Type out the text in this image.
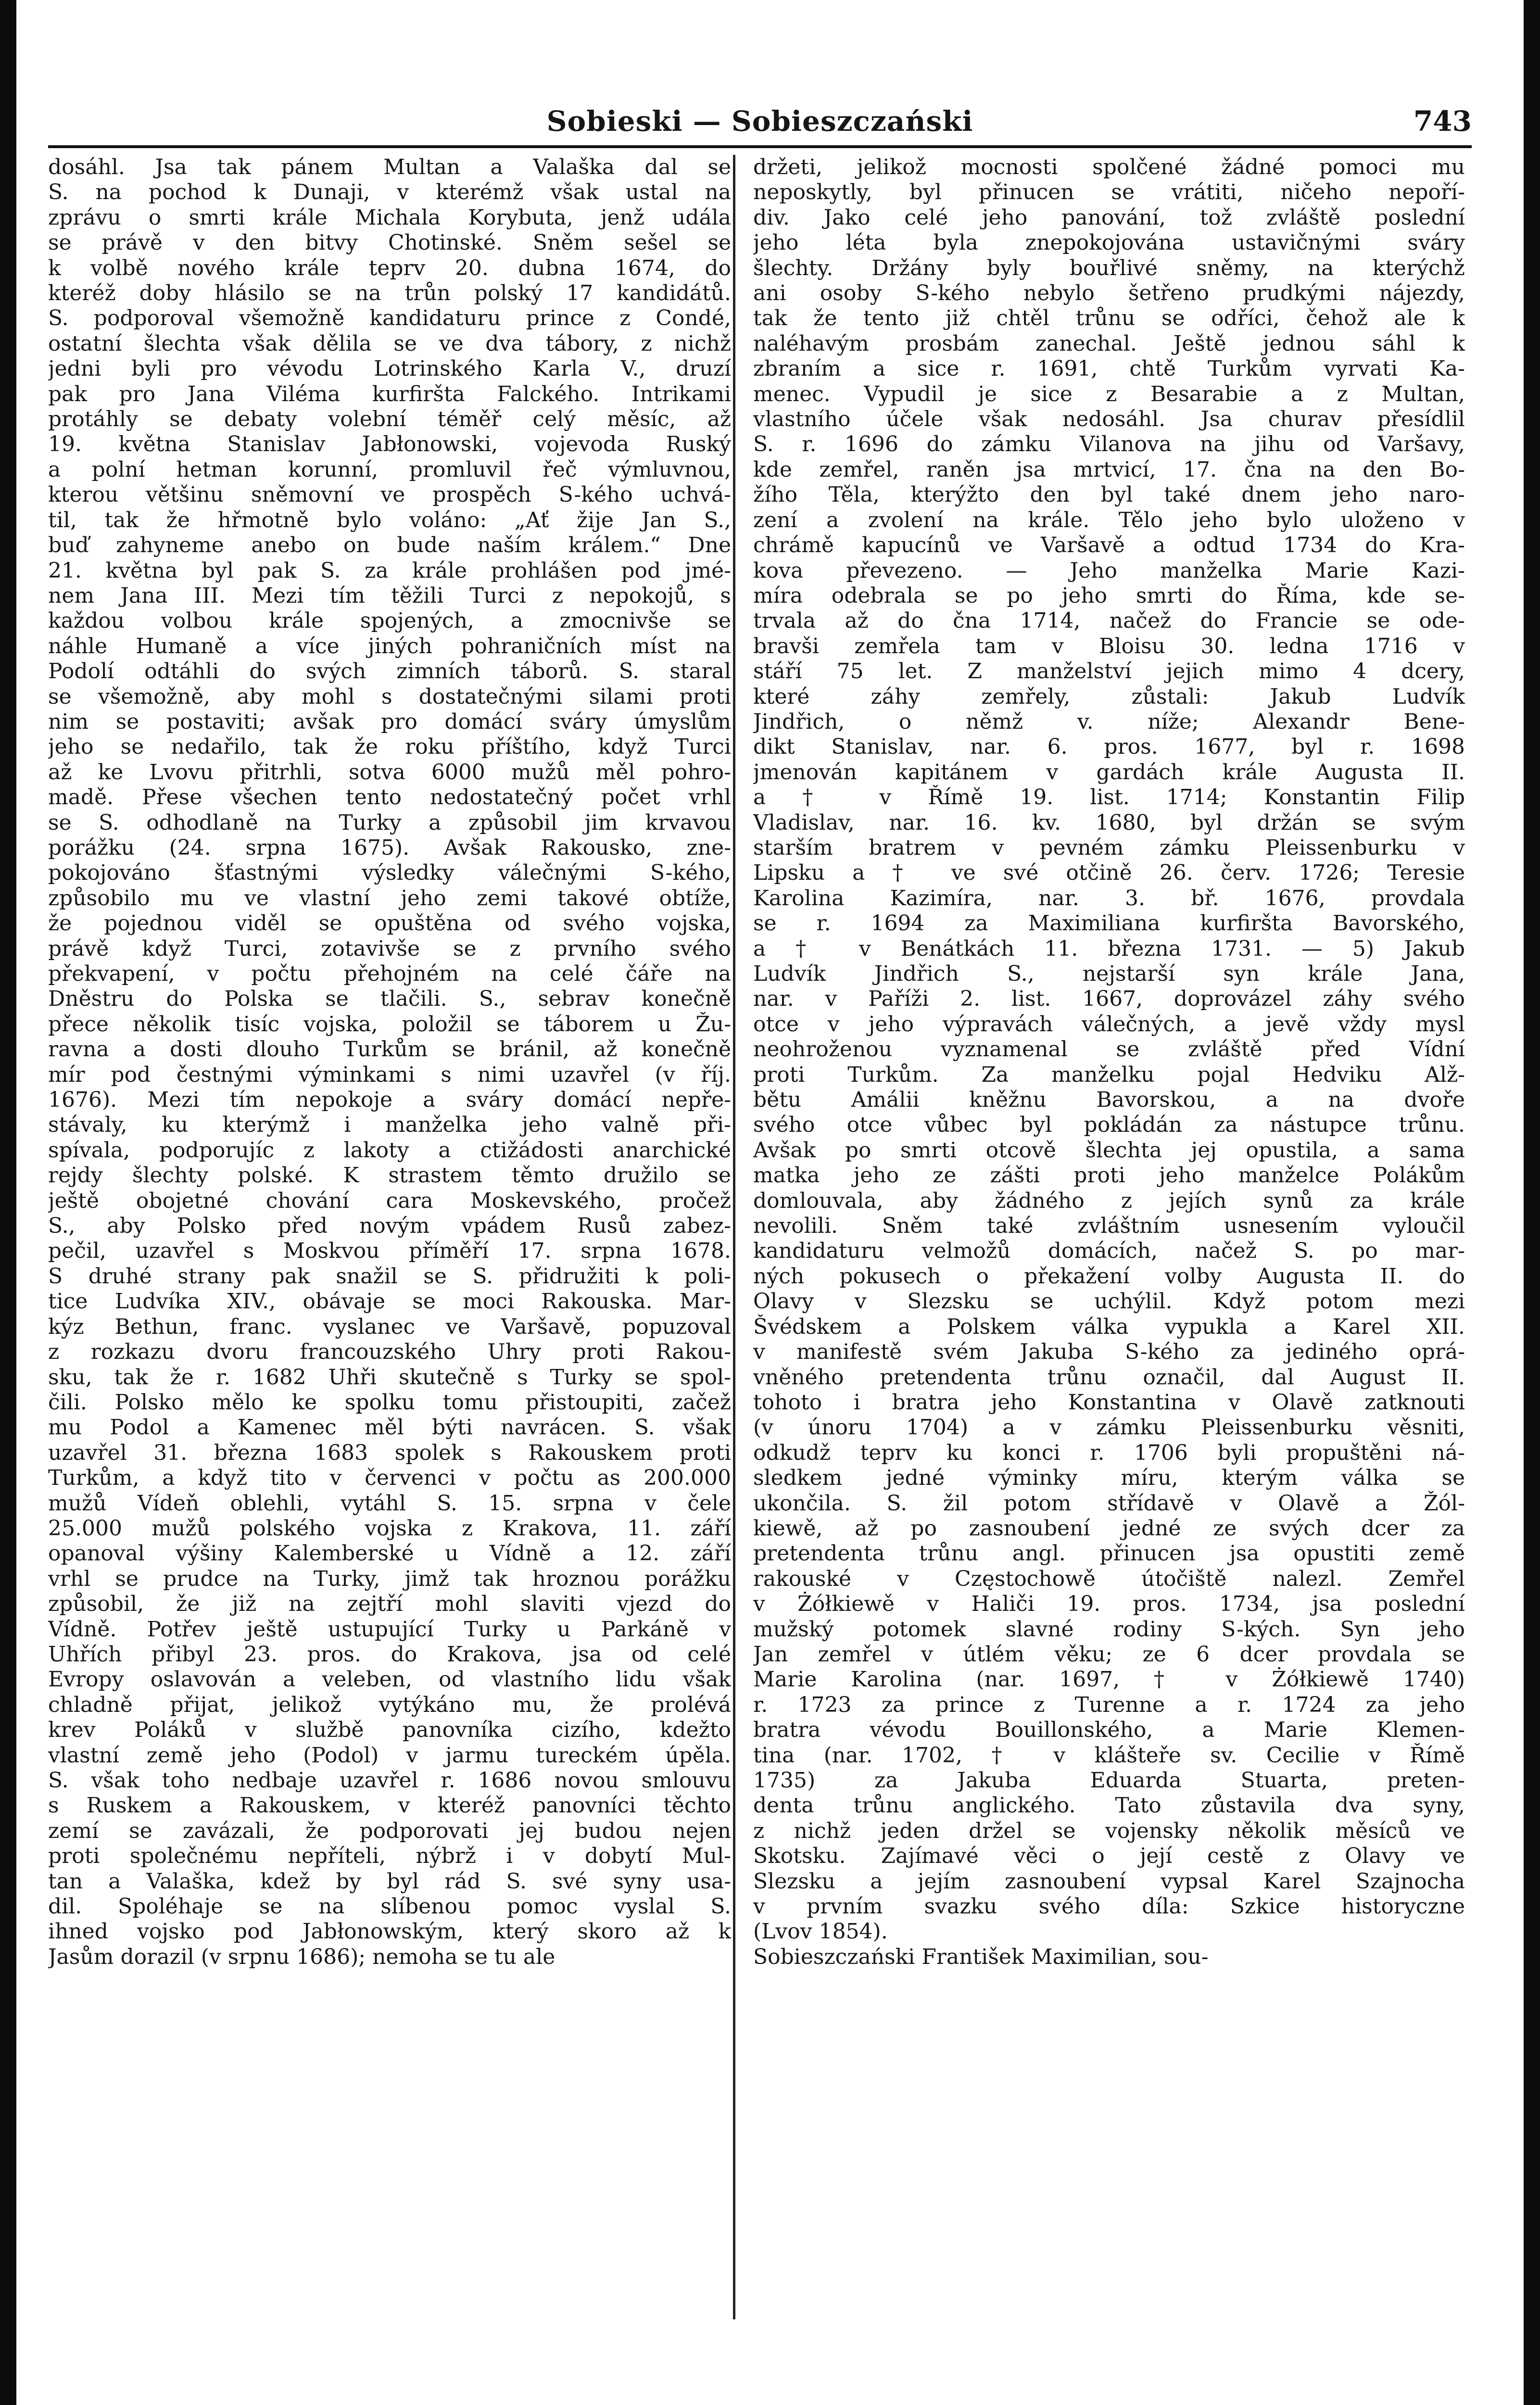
Sobieski — Sobieszczański	743
dosáhl. Jsa tak pánem Multan a Valaška dal se
S. na pochod k Dunaji, v kterémž však ustal na
zprávu o smrti krále Michala Korybuta, jenž udála
se právě v den bitvy Chotinské. Sněm sešel se
k volbě nového krále teprv 20. dubna 1674, do
kteréž doby hlásilo se na trůn polský 17 kandidátů.
S. podporoval všemožně kandidaturu prince z Condé,
ostatní šlechta však dělila se ve dva tábory, z nichž
jedni byli pro vévodu Lotrinského Karla V., druzí
pak pro Jana Viléma kurfiršta Falckého. Intrikami
protáhly se debaty volební téměř celý měsíc, až
19. května Stanislav Jabłonowski, vojevoda Ruský
a polní hetman korunní, promluvil řeč výmluvnou,
kterou většinu sněmovní ve prospěch S-kého uchvá-
til, tak že hřmotně bylo voláno: „Ať žije Jan S.,
buď zahyneme anebo on bude naším králem.“ Dne
21. května byl pak S. za krále prohlášen pod jmé-
nem Jana III. Mezi tím těžili Turci z nepokojů, s
každou volbou krále spojených, a zmocnivše se
náhle Humaně a více jiných pohraničních míst na
Podolí odtáhli do svých zimních táborů. S. staral
se všemožně, aby mohl s dostatečnými silami proti
nim se postaviti; avšak pro domácí sváry úmyslům
jeho se nedařilo, tak že roku příštího, když Turci
až ke Lvovu přitrhli, sotva 6000 mužů měl pohro-
madě. Přese všechen tento nedostatečný počet vrhl
se S. odhodlaně na Turky a způsobil jim krvavou
porážku (24. srpna 1675). Avšak Rakousko, zne-
pokojováno šťastnými výsledky válečnými S-kého,
způsobilo mu ve vlastní jeho zemi takové obtíže,
že pojednou viděl se opuštěna od svého vojska,
právě když Turci, zotavivše se z prvního svého
překvapení, v počtu přehojném na celé čáře na
Dněstru do Polska se tlačili. S., sebrav konečně
přece několik tisíc vojska, položil se táborem u Žu-
ravna a dosti dlouho Turkům se bránil, až konečně
mír pod čestnými výminkami s nimi uzavřel (v říj.
1676). Mezi tím nepokoje a sváry domácí nepře-
stávaly, ku kterýmž i manželka jeho valně při-
spívala, podporujíc z lakoty a ctižádosti anarchické
rejdy šlechty polské. K strastem těmto družilo se
ještě obojetné chování cara Moskevského, pročež
S., aby Polsko před novým vpádem Rusů zabez-
pečil, uzavřel s Moskvou příměří 17. srpna 1678.
S druhé strany pak snažil se S. přidružiti k poli-
tice Ludvíka XIV., obávaje se moci Rakouska. Mar-
kýz Bethun, franc. vyslanec ve Varšavě, popuzoval
z rozkazu dvoru francouzského Uhry proti Rakou-
sku, tak že r. 1682 Uhři skutečně s Turky se spol-
čili. Polsko mělo ke spolku tomu přistoupiti, začež
mu Podol a Kamenec měl býti navrácen. S. však
uzavřel 31. března 1683 spolek s Rakouskem proti
Turkům, a když tito v červenci v počtu as 200.000
mužů Vídeň oblehli, vytáhl S. 15. srpna v čele
25.000 mužů polského vojska z Krakova, 11. září
opanoval výšiny Kalemberské u Vídně a 12. září
vrhl se prudce na Turky, jimž tak hroznou porážku
způsobil, že již na zejtří mohl slaviti vjezd do
Vídně. Potřev ještě ustupující Turky u Parkáně v
Uhřích přibyl 23. pros. do Krakova, jsa od celé
Evropy oslavován a veleben, od vlastního lidu však
chladně přijat, jelikož vytýkáno mu, že prolévá
krev Poláků v službě panovníka cizího, kdežto
vlastní země jeho (Podol) v jarmu tureckém úpěla.
S. však toho nedbaje uzavřel r. 1686 novou smlouvu
s Ruskem a Rakouskem, v kteréž panovníci těchto
zemí se zavázali, že podporovati jej budou nejen
proti společnému nepříteli, nýbrž i v dobytí Mul-
tan a Valaška, kdež by byl rád S. své syny usa-
dil. Spoléhaje se na slíbenou pomoc vyslal S.
ihned vojsko pod Jabłonowským, který skoro až k
Jasům dorazil (v srpnu 1686); nemoha se tu ale
držeti, jelikož mocnosti spolčené žádné pomoci mu
neposkytly, byl přinucen se vrátiti, ničeho nepoří-
div. Jako celé jeho panování, tož zvláště poslední
jeho léta byla znepokojována ustavičnými sváry
šlechty. Držány byly bouřlivé sněmy, na kterýchž
ani osoby S-kého nebylo šetřeno prudkými nájezdy,
tak že tento již chtěl trůnu se odříci, čehož ale k
naléhavým prosbám zanechal. Ještě jednou sáhl k
zbraním a sice r. 1691, chtě Turkům vyrvati Ka-
menec. Vypudil je sice z Besarabie a z Multan,
vlastního účele však nedosáhl. Jsa churav přesídlil
S. r. 1696 do zámku Vilanova na jihu od Varšavy,
kde zemřel, raněn jsa mrtvicí, 17. čna na den Bo-
žího Těla, kterýžto den byl také dnem jeho naro-
zení a zvolení na krále. Tělo jeho bylo uloženo v
chrámě kapucínů ve Varšavě a odtud 1734 do Kra-
kova převezeno. — Jeho manželka Marie Kazi-
míra odebrala se po jeho smrti do Říma, kde se-
trvala až do čna 1714, načež do Francie se ode-
bravši zemřela tam v Bloisu 30. ledna 1716 v
stáří 75 let. Z manželství jejich mimo 4 dcery,
které záhy zemřely, zůstali: Jakub Ludvík
Jindřich, o němž v. níže; Alexandr Bene-
dikt Stanislav, nar. 6. pros. 1677, byl r. 1698
jmenován kapitánem v gardách krále Augusta II.
a † v Římě 19. list. 1714; Konstantin Filip
Vladislav, nar. 16. kv. 1680, byl držán se svým
starším bratrem v pevném zámku Pleissenburku v
Lipsku a † ve své otčině 26. červ. 1726; Teresie
Karolina Kazimíra, nar. 3. bř. 1676, provdala
se r. 1694 za Maximiliana kurfiršta Bavorského,
a † v Benátkách 11. března 1731. — 5) Jakub
Ludvík Jindřich S., nejstarší syn krále Jana,
nar. v Paříži 2. list. 1667, doprovázel záhy svého
otce v jeho výpravách válečných, a jevě vždy mysl
neohroženou vyznamenal se zvláště před Vídní
proti Turkům. Za manželku pojal Hedviku Alž-
bětu Amálii kněžnu Bavorskou, a na dvoře
svého otce vůbec byl pokládán za nástupce trůnu.
Avšak po smrti otcově šlechta jej opustila, a sama
matka jeho ze zášti proti jeho manželce Polákům
domlouvala, aby žádného z jejích synů za krále
nevolili. Sněm také zvláštním usnesením vyloučil
kandidaturu velmožů domácích, načež S. po mar-
ných pokusech o překažení volby Augusta II. do
Olavy v Slezsku se uchýlil. Když potom mezi
Švédskem a Polskem válka vypukla a Karel XII.
v manifestě svém Jakuba S-kého za jediného oprá-
vněného pretendenta trůnu označil, dal August II.
tohoto i bratra jeho Konstantina v Olavě zatknouti
(v únoru 1704) a v zámku Pleissenburku věsniti,
odkudž teprv ku konci r. 1706 byli propuštěni ná-
sledkem jedné výminky míru, kterým válka se
ukončila. S. žil potom střídavě v Olavě a Žól-
kiewě, až po zasnoubení jedné ze svých dcer za
pretendenta trůnu angl. přinucen jsa opustiti země
rakouské v Częstochowě útočiště nalezl. Zemřel
v Żółkiewě v Haliči 19. pros. 1734, jsa poslední
mužský potomek slavné rodiny S-kých. Syn jeho
Jan zemřel v útlém věku; ze 6 dcer provdala se
Marie Karolina (nar. 1697, † v Żółkiewě 1740)
r. 1723 za prince z Turenne a r. 1724 za jeho
bratra vévodu Bouillonského, a Marie Klemen-
tina (nar. 1702, † v klášteře sv. Cecilie v Římě
1735) za Jakuba Eduarda Stuarta, preten-
denta trůnu anglického. Tato zůstavila dva syny,
z nichž jeden držel se vojensky několik měsíců ve
Skotsku. Zajímavé věci o její cestě z Olavy ve
Slezsku a jejím zasnoubení vypsal Karel Szajnocha
v prvním svazku svého díla: Szkice historyczne
(Lvov 1854).
Sobieszczański František Maximilian, sou-
